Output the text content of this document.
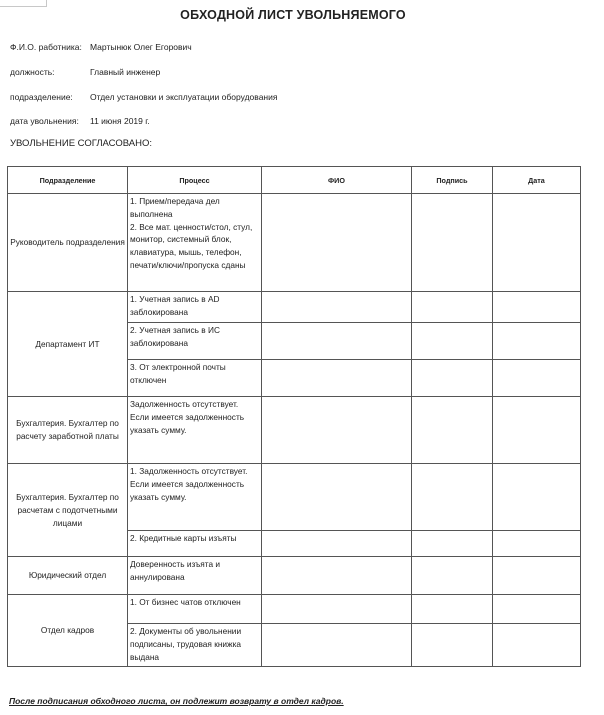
ОБХОДНОЙ ЛИСТ УВОЛЬНЯЕМОГО
Ф.И.О. работника: Мартынюк Олег Егорович
должность:	Главный инженер
подразделение: Отдел установки и эксплуатации оборудования
дата увольнения: 11 июня 2019 г.
УВОЛЬНЕНИЕ СОГЛАСОВАНО:
Подразделение	Процесс	ФИО	Подпись	Дата
Руководитель подразделения	1. Прием/передача дел выполнена
2. Все мат. ценности/стол, стул, монитор, системный блок, клавиатура, мышь, телефон, печати/ключи/пропуска сданы			

Департамент ИТ	1. Учетная запись в AD заблокирована			

	2. Учетная запись в ИС заблокирована			

	3. От электронной почты отключен			

Бухгалтерия. Бухгалтер по расчету заработной платы	Задолженность отсутствует.
Если имеется задолженность указать сумму.			

Бухгалтерия. Бухгалтер по расчетам с подотчетными лицами	1. Задолженность отсутствует.
Если имеется задолженность указать сумму.			

	2. Кредитные карты изъяты			

Юридический отдел	Доверенность изъята и аннулирована			

Отдел кадров	1. От бизнес чатов отключен			

	2. Документы об увольнении подписаны, трудовая книжка выдана			

После подписания обходного листа, он подлежит возврату в отдел кадров.
